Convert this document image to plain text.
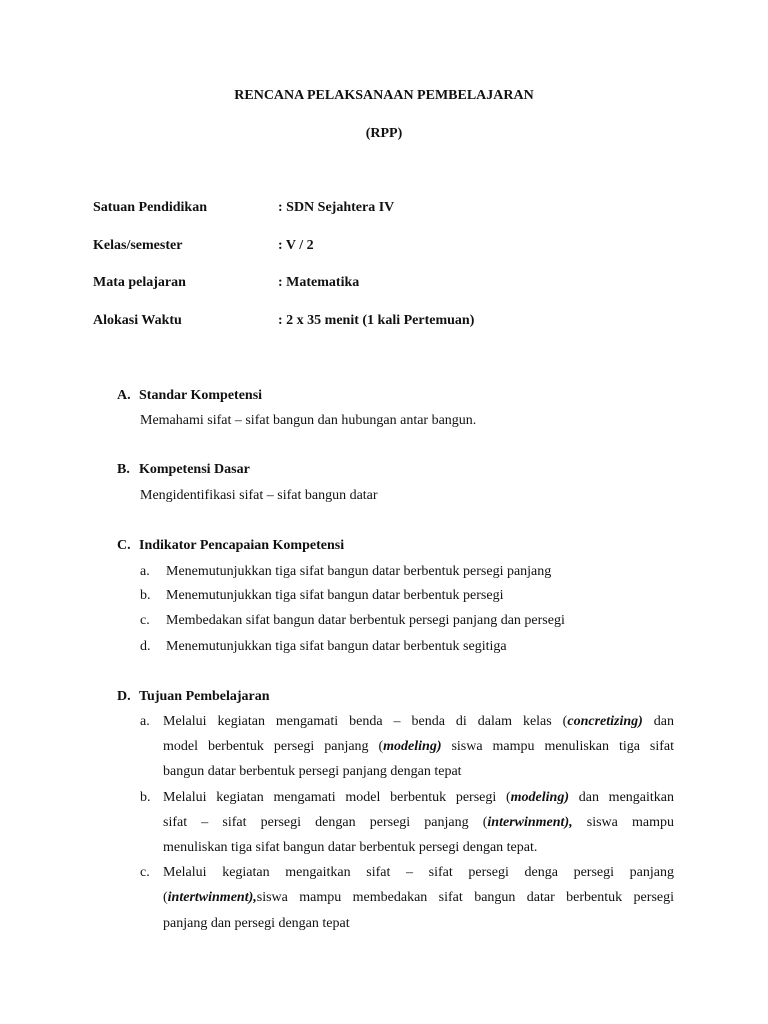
RENCANA PELAKSANAAN PEMBELAJARAN
(RPP)
Satuan Pendidikan	: SDN Sejahtera IV
Kelas/semester	: V / 2
Mata pelajaran	: Matematika
Alokasi Waktu	: 2 x 35 menit (1 kali Pertemuan)
A. Standar Kompetensi
Memahami sifat – sifat bangun dan hubungan antar bangun.
B. Kompetensi Dasar
Mengidentifikasi sifat – sifat bangun datar
C. Indikator Pencapaian Kompetensi
a. Menemutunjukkan tiga sifat bangun datar berbentuk persegi panjang
b. Menemutunjukkan tiga sifat bangun datar berbentuk persegi
c. Membedakan sifat bangun datar berbentuk persegi panjang dan persegi
d. Menemutunjukkan tiga sifat bangun datar berbentuk segitiga
D. Tujuan Pembelajaran
a. Melalui kegiatan mengamati benda – benda di dalam kelas (concretizing) dan
model berbentuk persegi panjang (modeling) siswa mampu menuliskan tiga sifat
bangun datar berbentuk persegi panjang dengan tepat
b. Melalui kegiatan mengamati model berbentuk persegi (modeling) dan mengaitkan
sifat – sifat persegi dengan persegi panjang (interwinment), siswa mampu
menuliskan tiga sifat bangun datar berbentuk persegi dengan tepat.
c. Melalui kegiatan mengaitkan sifat – sifat persegi denga persegi panjang
(intertwinment),siswa mampu membedakan sifat bangun datar berbentuk persegi
panjang dan persegi dengan tepat
